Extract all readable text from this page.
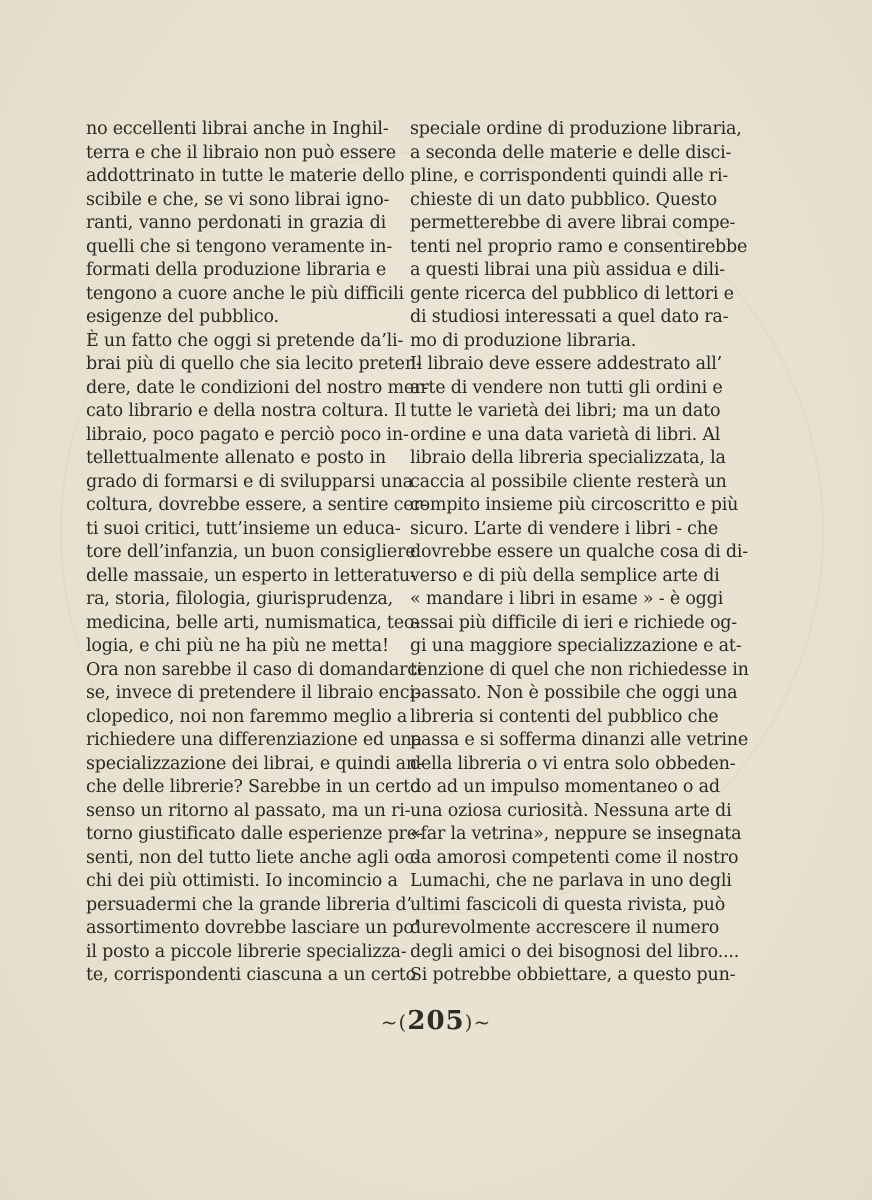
no eccellenti librai anche in Inghil-
terra e che il libraio non può essere
addottrinato in tutte le materie dello
scibile e che, se vi sono librai igno-
ranti, vanno perdonati in grazia di
quelli che si tengono veramente in-
formati della produzione libraria e
tengono a cuore anche le più difficili
esigenze del pubblico.
È un fatto che oggi si pretende da’li-
brai più di quello che sia lecito preten-
dere, date le condizioni del nostro mer-
cato librario e della nostra coltura. Il
libraio, poco pagato e perciò poco in-
tellettualmente allenato e posto in
grado di formarsi e di svilupparsi una
coltura, dovrebbe essere, a sentire cer-
ti suoi critici, tutt’insieme un educa-
tore dell’infanzia, un buon consigliere
delle massaie, un esperto in letteratu-
ra, storia, filologia, giurisprudenza,
medicina, belle arti, numismatica, teo-
logia, e chi più ne ha più ne metta!
Ora non sarebbe il caso di domandarci
se, invece di pretendere il libraio enci-
clopedico, noi non faremmo meglio a
richiedere una differenziazione ed una
specializzazione dei librai, e quindi an-
che delle librerie? Sarebbe in un certo
senso un ritorno al passato, ma un ri-
torno giustificato dalle esperienze pre-
senti, non del tutto liete anche agli oc-
chi dei più ottimisti. Io incomincio a
persuadermi che la grande libreria d’
assortimento dovrebbe lasciare un po’
il posto a piccole librerie specializza-
te, corrispondenti ciascuna a un certo
speciale ordine di produzione libraria,
a seconda delle materie e delle disci-
pline, e corrispondenti quindi alle ri-
chieste di un dato pubblico. Questo
permetterebbe di avere librai compe-
tenti nel proprio ramo e consentirebbe
a questi librai una più assidua e dili-
gente ricerca del pubblico di lettori e
di studiosi interessati a quel dato ra-
mo di produzione libraria.
Il libraio deve essere addestrato all’
arte di vendere non tutti gli ordini e
tutte le varietà dei libri; ma un dato
ordine e una data varietà di libri. Al
libraio della libreria specializzata, la
caccia al possibile cliente resterà un
compito insieme più circoscritto e più
sicuro. L’arte di vendere i libri - che
dovrebbe essere un qualche cosa di di-
verso e di più della semplice arte di
« mandare i libri in esame » - è oggi
assai più difficile di ieri e richiede og-
gi una maggiore specializzazione e at-
tenzione di quel che non richiedesse in
passato. Non è possibile che oggi una
libreria si contenti del pubblico che
passa e si sofferma dinanzi alle vetrine
della libreria o vi entra solo obbeden-
do ad un impulso momentaneo o ad
una oziosa curiosità. Nessuna arte di
«far la vetrina», neppure se insegnata
da amorosi competenti come il nostro
Lumachi, che ne parlava in uno degli
ultimi fascicoli di questa rivista, può
durevolmente accrescere il numero
degli amici o dei bisognosi del libro....
Si potrebbe obbiettare, a questo pun-
~(205)~
